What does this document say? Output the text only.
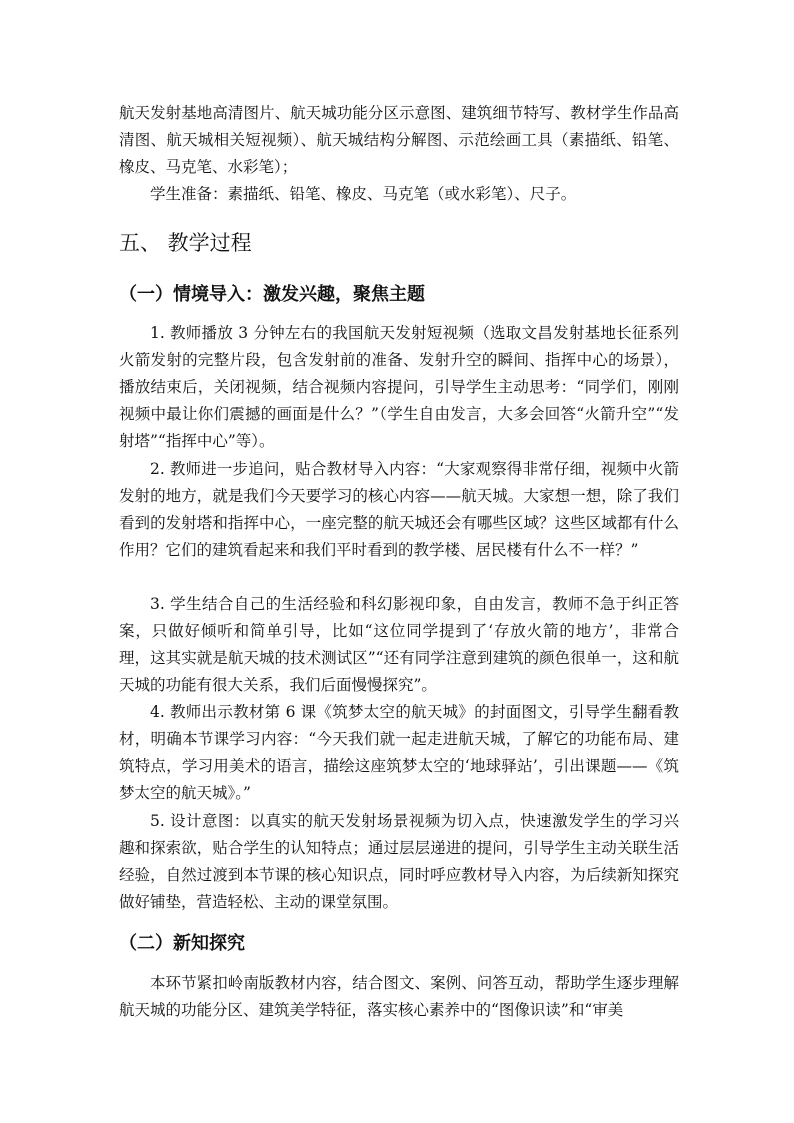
航天发射基地高清图片、航天城功能分区示意图、建筑细节特写、教材学生作品高清图、航天城相关短视频）、航天城结构分解图、示范绘画工具（素描纸、铅笔、橡皮、马克笔、水彩笔）；

学生准备：素描纸、铅笔、橡皮、马克笔（或水彩笔）、尺子。

五、 教学过程
（一）情境导入：激发兴趣，聚焦主题

1. 教师播放 3 分钟左右的我国航天发射短视频（选取文昌发射基地长征系列火箭发射的完整片段，包含发射前的准备、发射升空的瞬间、指挥中心的场景），播放结束后，关闭视频，结合视频内容提问，引导学生主动思考：“同学们，刚刚视频中最让你们震撼的画面是什么？”（学生自由发言，大多会回答“火箭升空”“发射塔”“指挥中心”等）。

2. 教师进一步追问，贴合教材导入内容：“大家观察得非常仔细，视频中火箭发射的地方，就是我们今天要学习的核心内容——航天城。大家想一想，除了我们看到的发射塔和指挥中心，一座完整的航天城还会有哪些区域？这些区域都有什么作用？它们的建筑看起来和我们平时看到的教学楼、居民楼有什么不一样？”

3. 学生结合自己的生活经验和科幻影视印象，自由发言，教师不急于纠正答案，只做好倾听和简单引导，比如“这位同学提到了‘存放火箭的地方’，非常合理，这其实就是航天城的技术测试区”“还有同学注意到建筑的颜色很单一，这和航天城的功能有很大关系，我们后面慢慢探究”。

4. 教师出示教材第 6 课《筑梦太空的航天城》的封面图文，引导学生翻看教材，明确本节课学习内容：“今天我们就一起走进航天城，了解它的功能布局、建筑特点，学习用美术的语言，描绘这座筑梦太空的‘地球驿站’，引出课题——《筑梦太空的航天城》。”

5. 设计意图：以真实的航天发射场景视频为切入点，快速激发学生的学习兴趣和探索欲，贴合学生的认知特点；通过层层递进的提问，引导学生主动关联生活经验，自然过渡到本节课的核心知识点，同时呼应教材导入内容，为后续新知探究做好铺垫，营造轻松、主动的课堂氛围。

（二）新知探究

本环节紧扣岭南版教材内容，结合图文、案例、问答互动，帮助学生逐步理解航天城的功能分区、建筑美学特征，落实核心素养中的“图像识读”和“审美
